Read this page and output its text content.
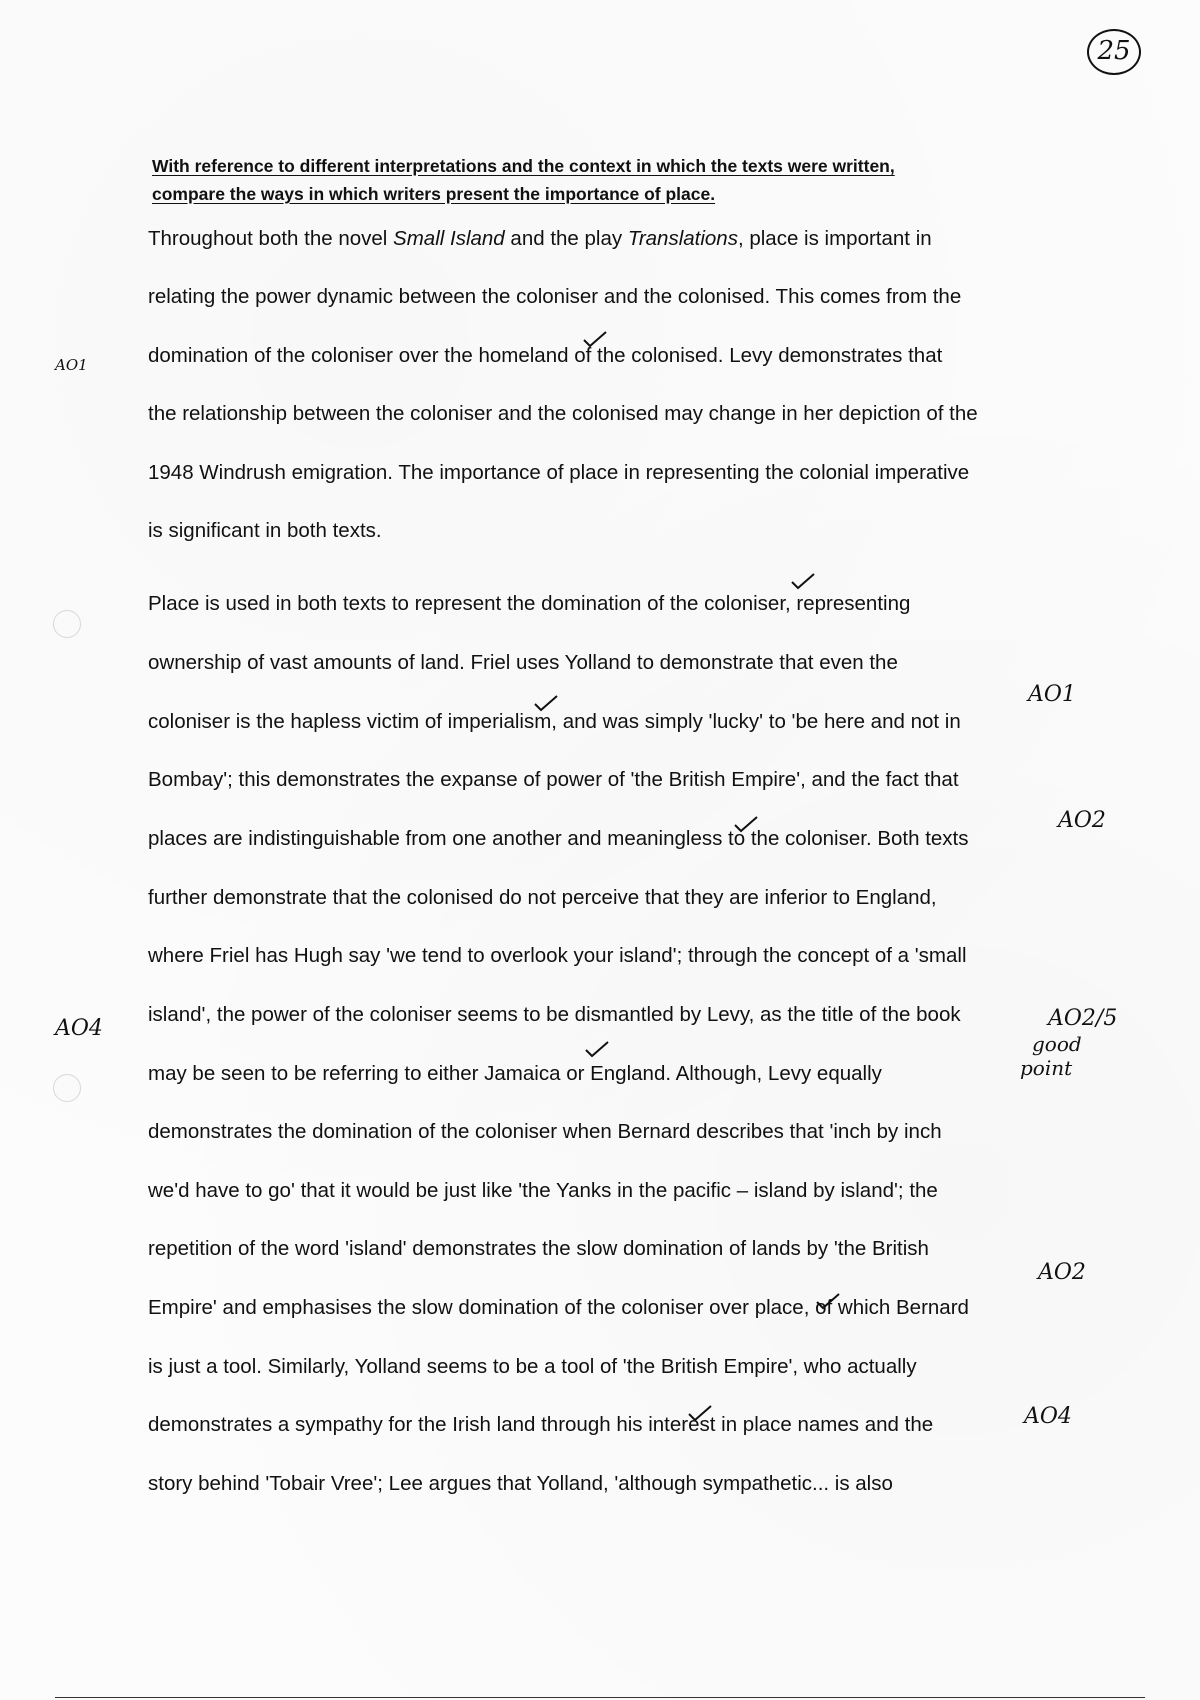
25
With reference to different interpretations and the context in which the texts were written,
compare the ways in which writers present the importance of place.
Throughout both the novel Small Island and the play Translations, place is important in
relating the power dynamic between the coloniser and the colonised. This comes from the
domination of the coloniser over the homeland of the colonised. Levy demonstrates that
the relationship between the coloniser and the colonised may change in her depiction of the
1948 Windrush emigration. The importance of place in representing the colonial imperative
is significant in both texts.
Place is used in both texts to represent the domination of the coloniser, representing
ownership of vast amounts of land. Friel uses Yolland to demonstrate that even the
coloniser is the hapless victim of imperialism, and was simply 'lucky' to 'be here and not in
Bombay'; this demonstrates the expanse of power of 'the British Empire', and the fact that
places are indistinguishable from one another and meaningless to the coloniser. Both texts
further demonstrate that the colonised do not perceive that they are inferior to England,
where Friel has Hugh say 'we tend to overlook your island'; through the concept of a 'small
island', the power of the coloniser seems to be dismantled by Levy, as the title of the book
may be seen to be referring to either Jamaica or England. Although, Levy equally
demonstrates the domination of the coloniser when Bernard describes that 'inch by inch
we'd have to go' that it would be just like 'the Yanks in the pacific – island by island'; the
repetition of the word 'island' demonstrates the slow domination of lands by 'the British
Empire' and emphasises the slow domination of the coloniser over place, of which Bernard
is just a tool. Similarly, Yolland seems to be a tool of 'the British Empire', who actually
demonstrates a sympathy for the Irish land through his interest in place names and the
story behind 'Tobair Vree'; Lee argues that Yolland, 'although sympathetic... is also
AO1
AO4
AO1
AO2
AO2/5
good
point
AO2
AO4
